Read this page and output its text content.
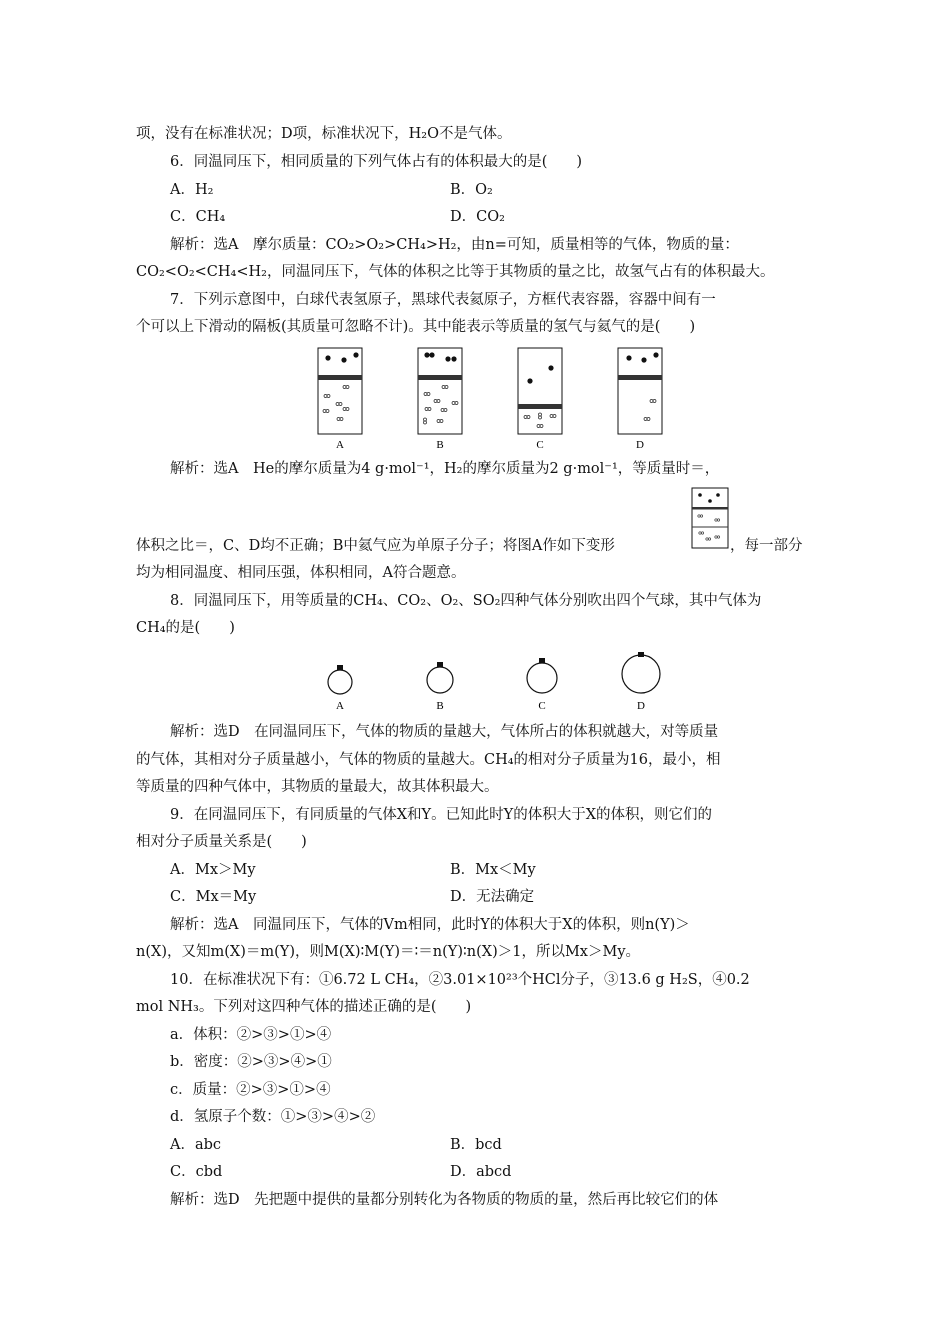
项，没有在标准状况；D项，标准状况下，H₂O不是气体。
6．同温同压下，相同质量的下列气体占有的体积最大的是(　　)
A．H₂	B．O₂
C．CH₄	D．CO₂
解析：选A　摩尔质量：CO₂>O₂>CH₄>H₂，由n=可知，质量相等的气体，物质的量：
CO₂<O₂<CH₄<H₂，同温同压下，气体的体积之比等于其物质的量之比，故氢气占有的体积最大。
7．下列示意图中，白球代表氢原子，黑球代表氦原子，方框代表容器，容器中间有一
个可以上下滑动的隔板(其质量可忽略不计)。其中能表示等质量的氢气与氦气的是(　　)
A	B	C	D
解析：选A　He的摩尔质量为4 g·mol⁻¹，H₂的摩尔质量为2 g·mol⁻¹，等质量时＝，
体积之比＝，C、D均不正确；B中氦气应为单原子分子；将图A作如下变形	，每一部分
均为相同温度、相同压强，体积相同，A符合题意。
8．同温同压下，用等质量的CH₄、CO₂、O₂、SO₂四种气体分别吹出四个气球，其中气体为
CH₄的是(　　)
A	B	C	D
解析：选D　在同温同压下，气体的物质的量越大，气体所占的体积就越大，对等质量
的气体，其相对分子质量越小，气体的物质的量越大。CH₄的相对分子质量为16，最小，相
等质量的四种气体中，其物质的量最大，故其体积最大。
9．在同温同压下，有同质量的气体X和Y。已知此时Y的体积大于X的体积，则它们的
相对分子质量关系是(　　)
A．Mx＞My	B．Mx＜My
C．Mx＝My	D．无法确定
解析：选A　同温同压下，气体的Vm相同，此时Y的体积大于X的体积，则n(Y)＞
n(X)，又知m(X)＝m(Y)，则M(X)∶M(Y)＝∶＝n(Y)∶n(X)＞1，所以Mx＞My。
10．在标准状况下有：①6.72 L CH₄，②3.01×10²³个HCl分子，③13.6 g H₂S，④0.2
mol NH₃。下列对这四种气体的描述正确的是(　　)
a．体积：②>③>①>④
b．密度：②>③>④>①
c．质量：②>③>①>④
d．氢原子个数：①>③>④>②
A．abc	B．bcd
C．cbd	D．abcd
解析：选D　先把题中提供的量都分别转化为各物质的物质的量，然后再比较它们的体
